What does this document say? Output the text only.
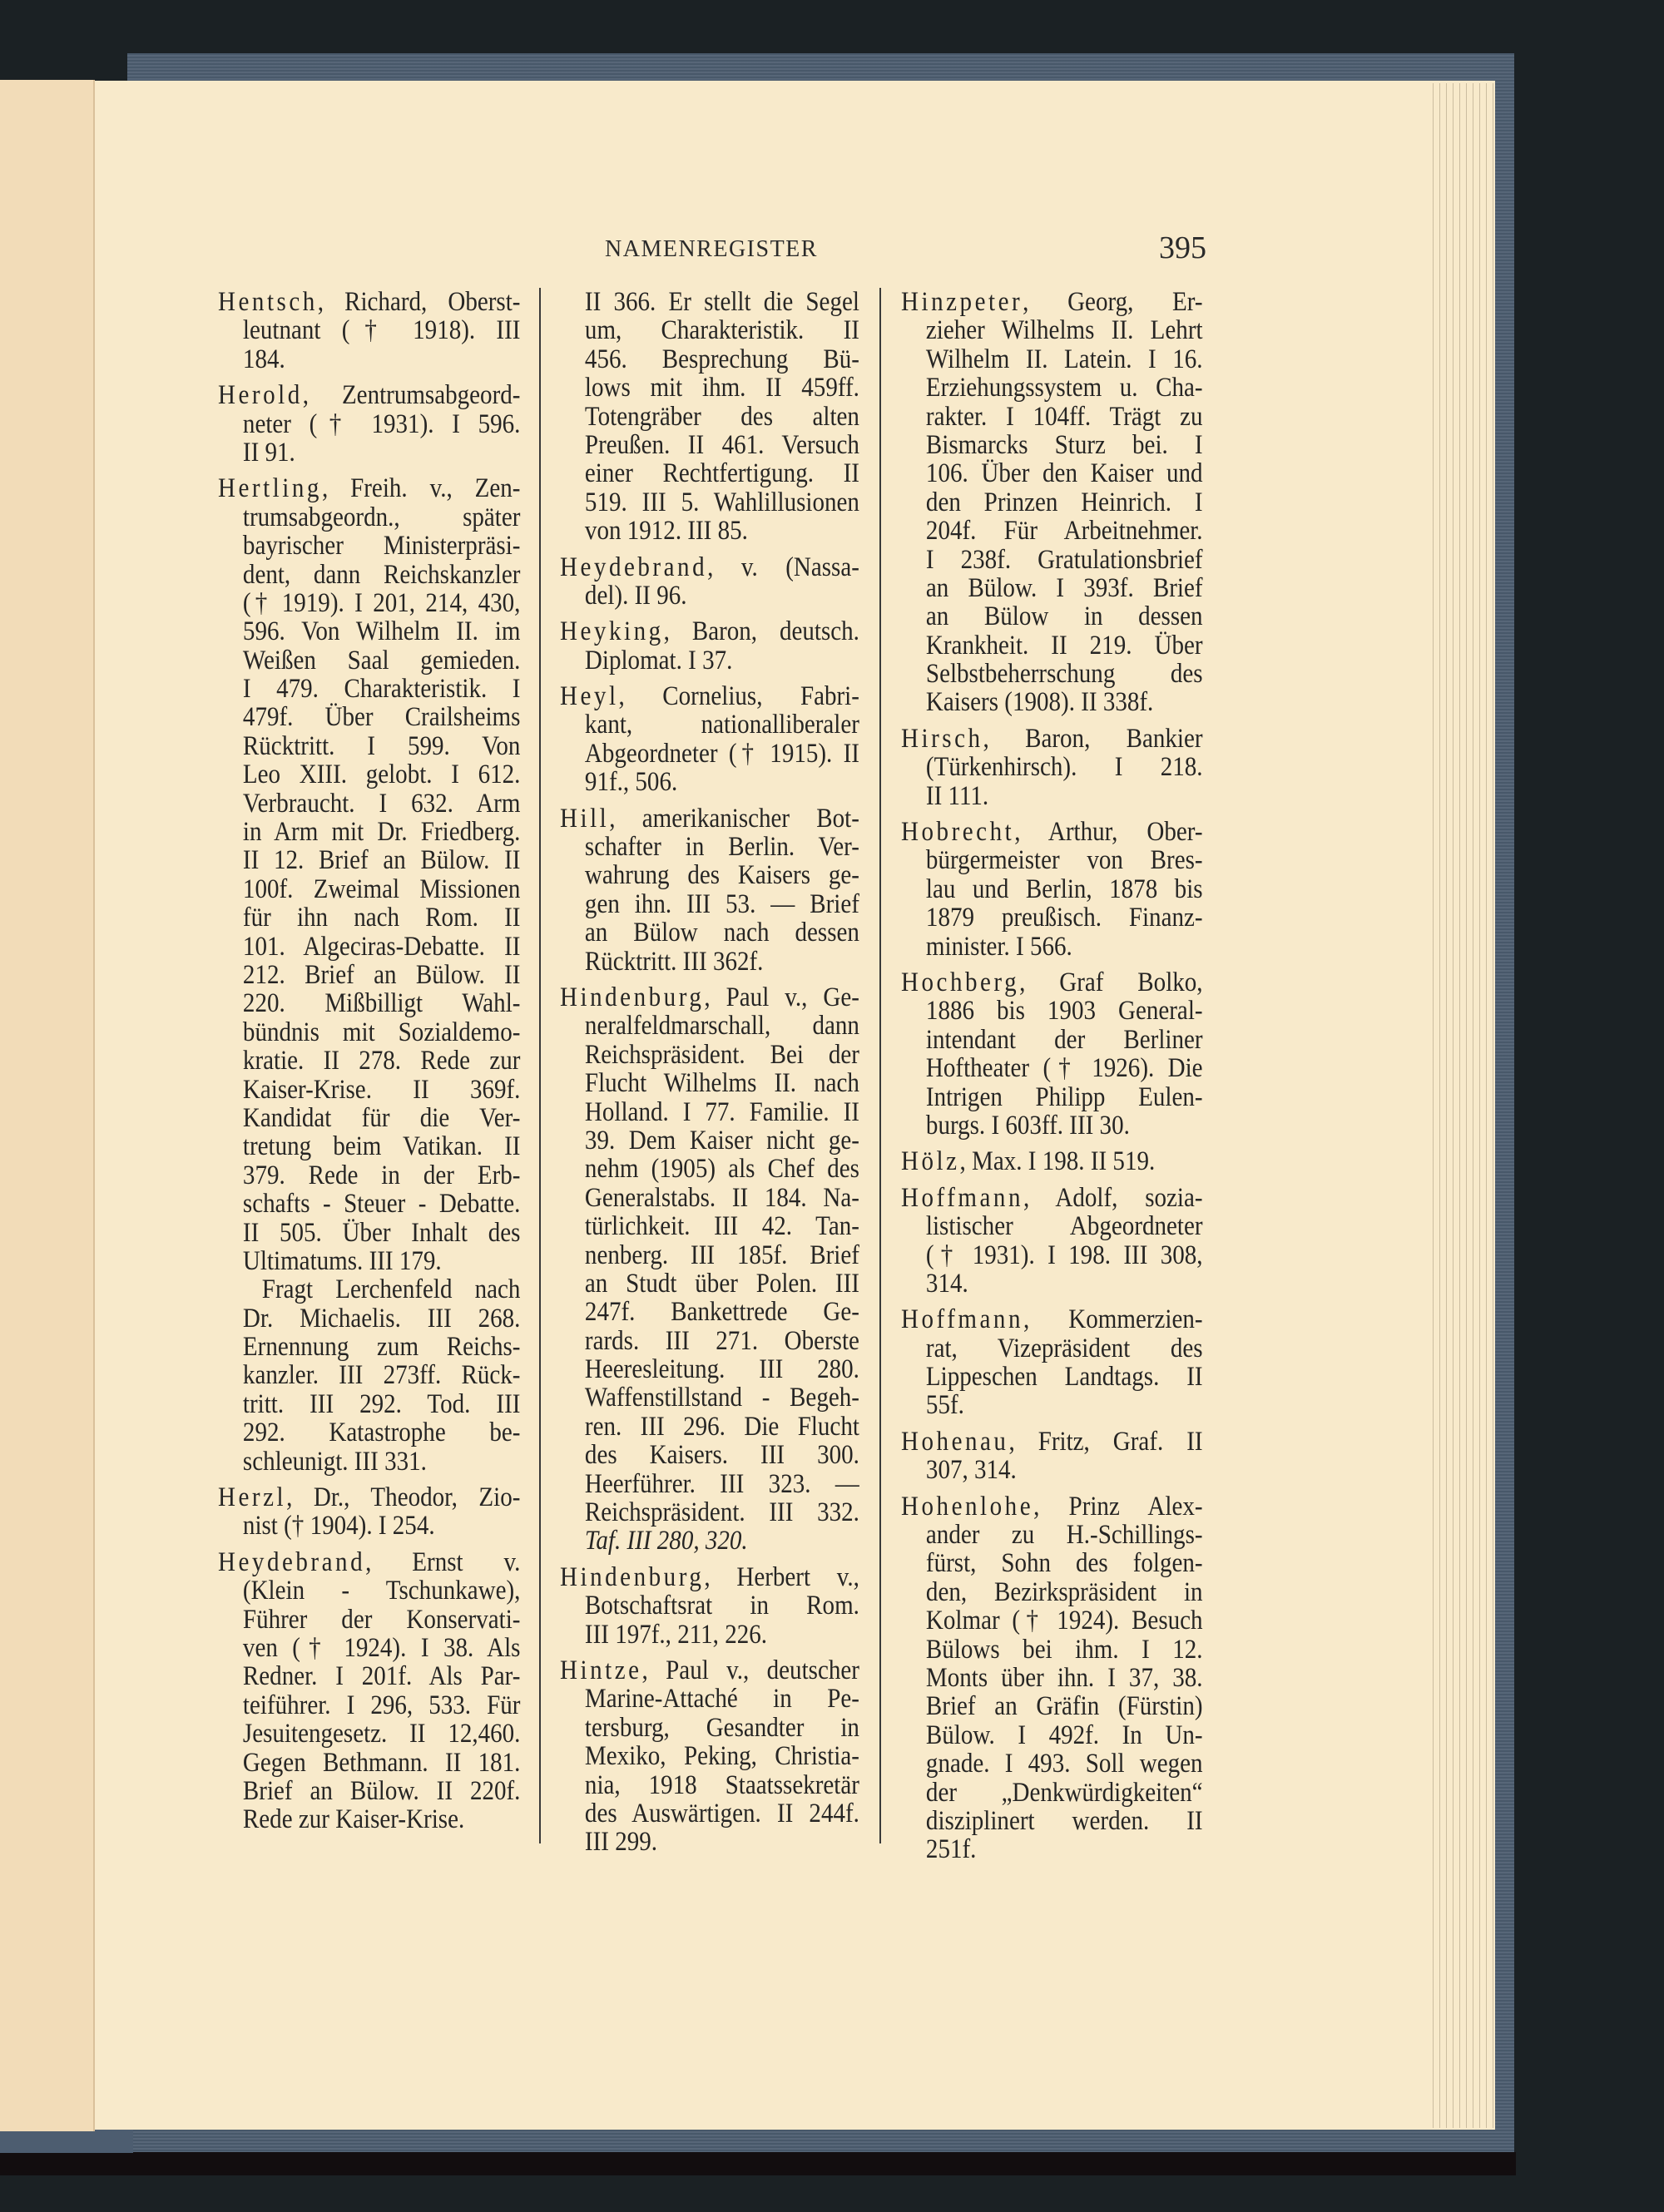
NAMENREGISTER	395
Hentsch, Richard, Oberst-
leutnant († 1918). III
184.
Herold, Zentrumsabgeord-
neter († 1931). I 596.
II 91.
Hertling, Freih. v., Zen-
trumsabgeordn., später
bayrischer Ministerpräsi-
dent, dann Reichskanzler
(† 1919). I 201, 214, 430,
596. Von Wilhelm II. im
Weißen Saal gemieden.
I 479. Charakteristik. I
479f. Über Crailsheims
Rücktritt. I 599. Von
Leo XIII. gelobt. I 612.
Verbraucht. I 632. Arm
in Arm mit Dr. Friedberg.
II 12. Brief an Bülow. II
100f. Zweimal Missionen
für ihn nach Rom. II
101. Algeciras-Debatte. II
212. Brief an Bülow. II
220. Mißbilligt Wahl-
bündnis mit Sozialdemo-
kratie. II 278. Rede zur
Kaiser-Krise. II 369f.
Kandidat für die Ver-
tretung beim Vatikan. II
379. Rede in der Erb-
schafts - Steuer - Debatte.
II 505. Über Inhalt des
Ultimatums. III 179.
Fragt Lerchenfeld nach
Dr. Michaelis. III 268.
Ernennung zum Reichs-
kanzler. III 273ff. Rück-
tritt. III 292. Tod. III
292. Katastrophe be-
schleunigt. III 331.
Herzl, Dr., Theodor, Zio-
nist († 1904). I 254.
Heydebrand, Ernst v.
(Klein - Tschunkawe),
Führer der Konservati-
ven († 1924). I 38. Als
Redner. I 201f. Als Par-
teiführer. I 296, 533. Für
Jesuitengesetz. II 12,460.
Gegen Bethmann. II 181.
Brief an Bülow. II 220f.
Rede zur Kaiser-Krise.
II 366. Er stellt die Segel
um, Charakteristik. II
456. Besprechung Bü-
lows mit ihm. II 459ff.
Totengräber des alten
Preußen. II 461. Versuch
einer Rechtfertigung. II
519. III 5. Wahlillusionen
von 1912. III 85.
Heydebrand, v. (Nassa-
del). II 96.
Heyking, Baron, deutsch.
Diplomat. I 37.
Heyl, Cornelius, Fabri-
kant, nationalliberaler
Abgeordneter († 1915). II
91f., 506.
Hill, amerikanischer Bot-
schafter in Berlin. Ver-
wahrung des Kaisers ge-
gen ihn. III 53. — Brief
an Bülow nach dessen
Rücktritt. III 362f.
Hindenburg, Paul v., Ge-
neralfeldmarschall, dann
Reichspräsident. Bei der
Flucht Wilhelms II. nach
Holland. I 77. Familie. II
39. Dem Kaiser nicht ge-
nehm (1905) als Chef des
Generalstabs. II 184. Na-
türlichkeit. III 42. Tan-
nenberg. III 185f. Brief
an Studt über Polen. III
247f. Bankettrede Ge-
rards. III 271. Oberste
Heeresleitung. III 280.
Waffenstillstand - Begeh-
ren. III 296. Die Flucht
des Kaisers. III 300.
Heerführer. III 323. —
Reichspräsident. III 332.
Taf. III 280, 320.
Hindenburg, Herbert v.,
Botschaftsrat in Rom.
III 197f., 211, 226.
Hintze, Paul v., deutscher
Marine-Attaché in Pe-
tersburg, Gesandter in
Mexiko, Peking, Christia-
nia, 1918 Staatssekretär
des Auswärtigen. II 244f.
III 299.
Hinzpeter, Georg, Er-
zieher Wilhelms II. Lehrt
Wilhelm II. Latein. I 16.
Erziehungssystem u. Cha-
rakter. I 104ff. Trägt zu
Bismarcks Sturz bei. I
106. Über den Kaiser und
den Prinzen Heinrich. I
204f. Für Arbeitnehmer.
I 238f. Gratulationsbrief
an Bülow. I 393f. Brief
an Bülow in dessen
Krankheit. II 219. Über
Selbstbeherrschung des
Kaisers (1908). II 338f.
Hirsch, Baron, Bankier
(Türkenhirsch). I 218.
II 111.
Hobrecht, Arthur, Ober-
bürgermeister von Bres-
lau und Berlin, 1878 bis
1879 preußisch. Finanz-
minister. I 566.
Hochberg, Graf Bolko,
1886 bis 1903 General-
intendant der Berliner
Hoftheater († 1926). Die
Intrigen Philipp Eulen-
burgs. I 603ff. III 30.
Hölz, Max. I 198. II 519.
Hoffmann, Adolf, sozia-
listischer Abgeordneter
(† 1931). I 198. III 308,
314.
Hoffmann, Kommerzien-
rat, Vizepräsident des
Lippeschen Landtags. II
55f.
Hohenau, Fritz, Graf. II
307, 314.
Hohenlohe, Prinz Alex-
ander zu H.-Schillings-
fürst, Sohn des folgen-
den, Bezirkspräsident in
Kolmar († 1924). Besuch
Bülows bei ihm. I 12.
Monts über ihn. I 37, 38.
Brief an Gräfin (Fürstin)
Bülow. I 492f. In Un-
gnade. I 493. Soll wegen
der „Denkwürdigkeiten“
disziplinert werden. II
251f.
